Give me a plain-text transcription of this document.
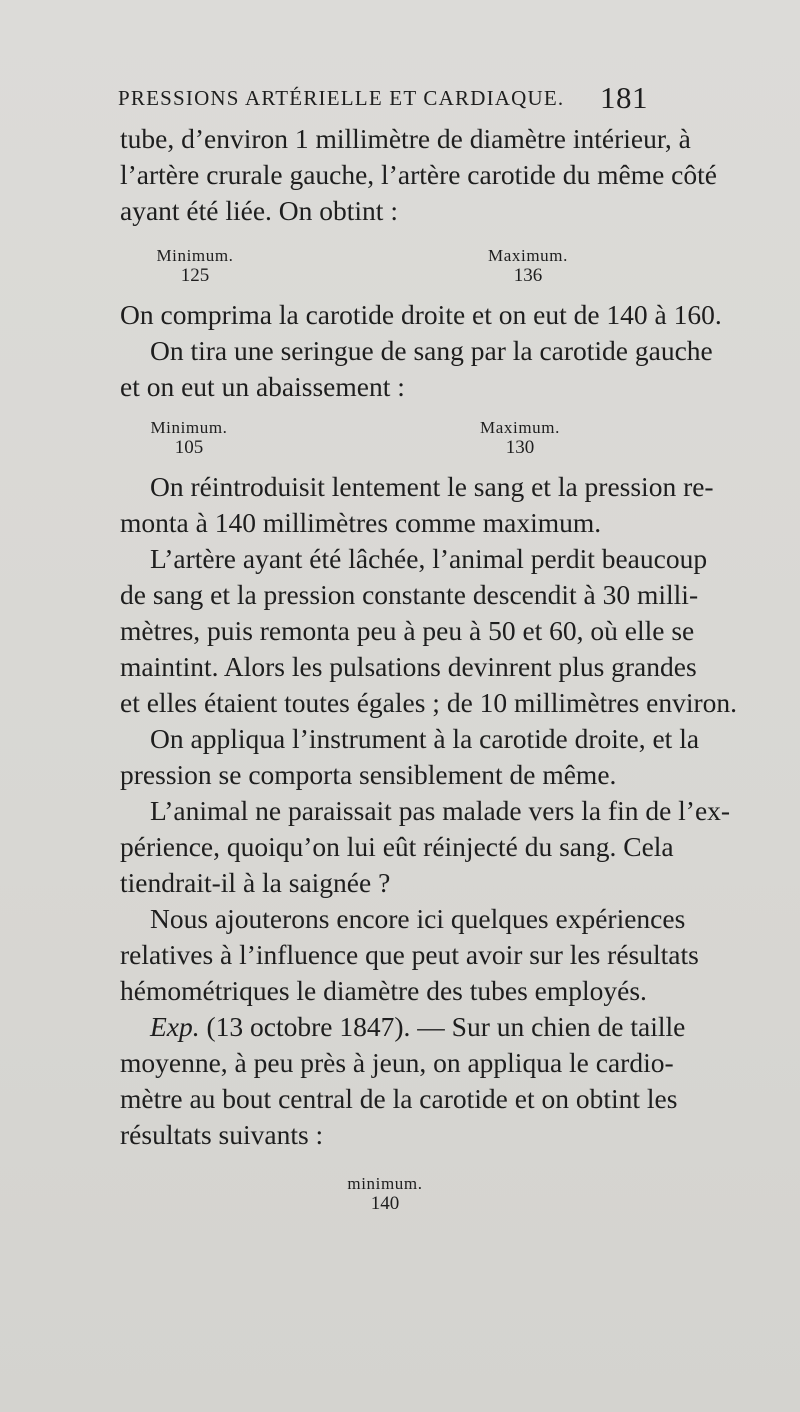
PRESSIONS ARTÉRIELLE ET CARDIAQUE. 181
tube, d’environ 1 millimètre de diamètre intérieur, à
l’artère crurale gauche, l’artère carotide du même côté
ayant été liée. On obtint :
Minimum.
125
Maximum.
136
On comprima la carotide droite et on eut de 140 à 160.
On tira une seringue de sang par la carotide gauche
et on eut un abaissement :
Minimum.
105
Maximum.
130
On réintroduisit lentement le sang et la pression re-
monta à 140 millimètres comme maximum.
L’artère ayant été lâchée, l’animal perdit beaucoup
de sang et la pression constante descendit à 30 milli-
mètres, puis remonta peu à peu à 50 et 60, où elle se
maintint. Alors les pulsations devinrent plus grandes
et elles étaient toutes égales ; de 10 millimètres environ.
On appliqua l’instrument à la carotide droite, et la
pression se comporta sensiblement de même.
L’animal ne paraissait pas malade vers la fin de l’ex-
périence, quoiqu’on lui eût réinjecté du sang. Cela
tiendrait-il à la saignée ?
Nous ajouterons encore ici quelques expériences
relatives à l’influence que peut avoir sur les résultats
hémométriques le diamètre des tubes employés.
Exp. (13 octobre 1847). — Sur un chien de taille
moyenne, à peu près à jeun, on appliqua le cardio-
mètre au bout central de la carotide et on obtint les
résultats suivants :
minimum.
140
